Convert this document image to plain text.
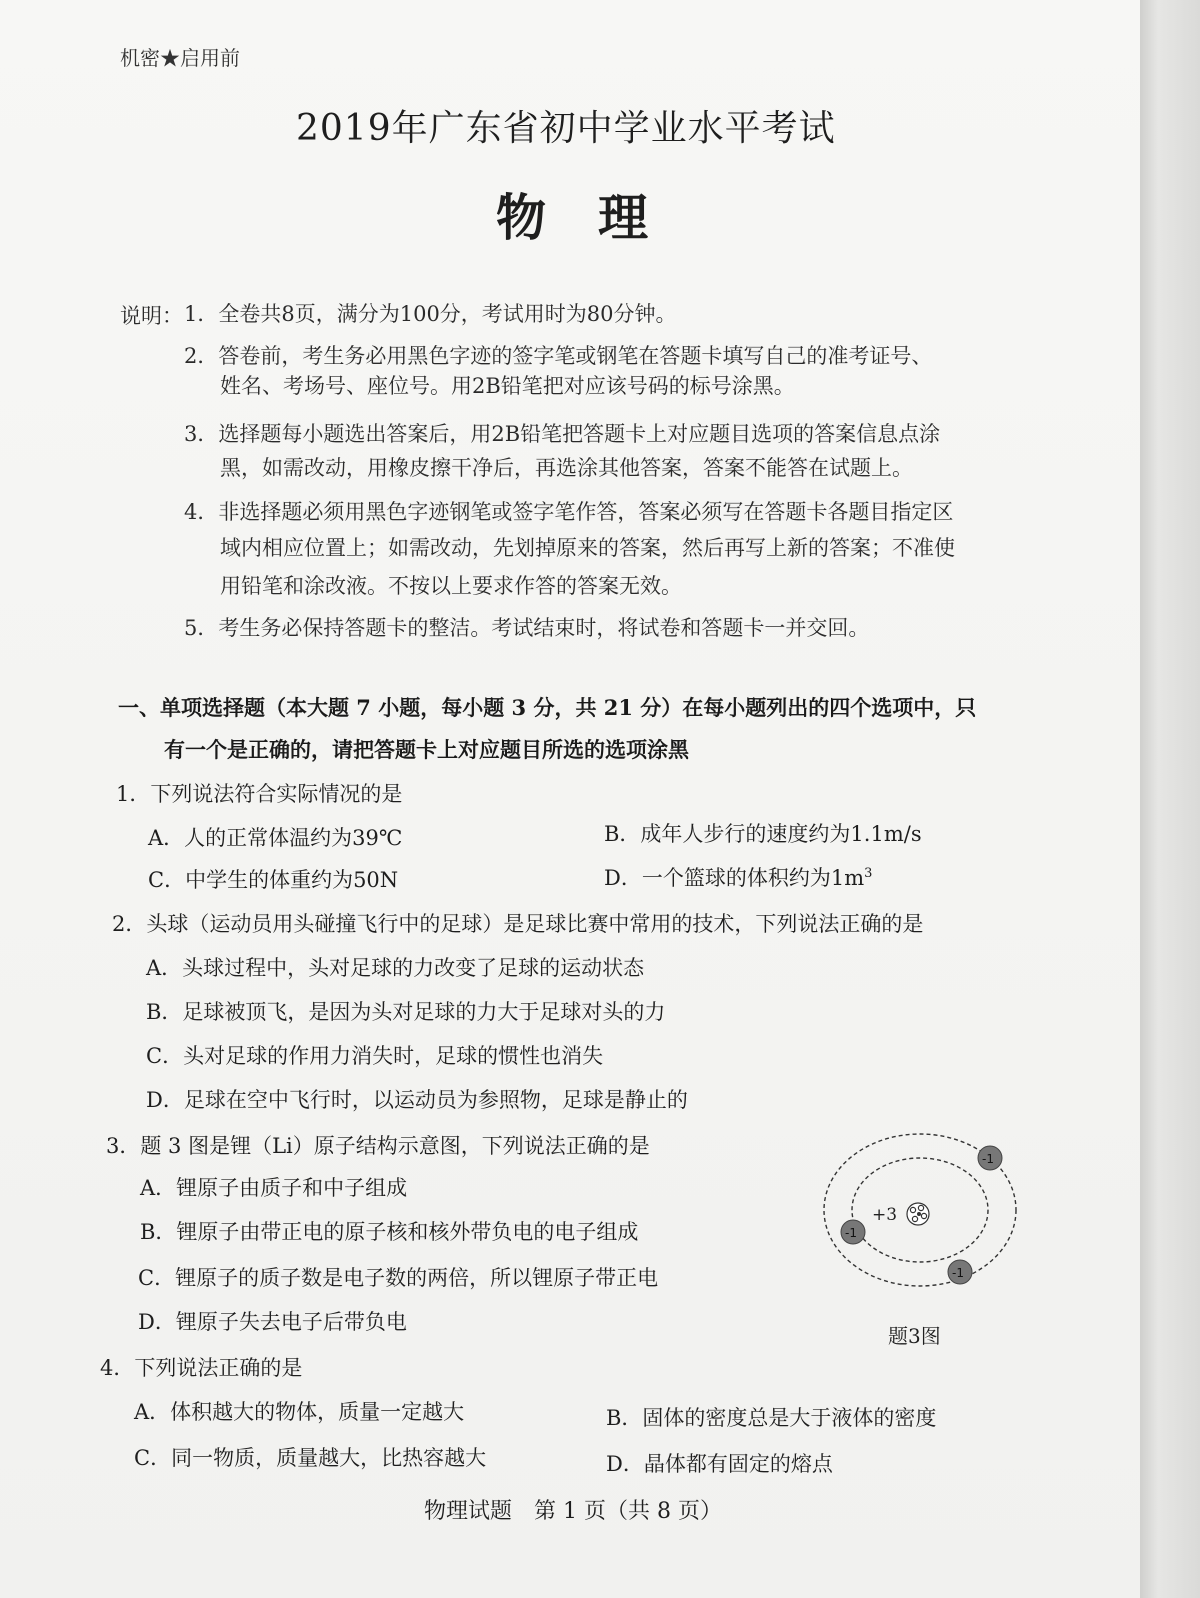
机密★启用前
2019年广东省初中学业水平考试
物理
说明： 1．全卷共8页，满分为100分，考试用时为80分钟。
2．答卷前，考生务必用黑色字迹的签字笔或钢笔在答题卡填写自己的准考证号、
姓名、考场号、座位号。用2B铅笔把对应该号码的标号涂黑。
3．选择题每小题选出答案后，用2B铅笔把答题卡上对应题目选项的答案信息点涂
黑，如需改动，用橡皮擦干净后，再选涂其他答案，答案不能答在试题上。
4．非选择题必须用黑色字迹钢笔或签字笔作答，答案必须写在答题卡各题目指定区
域内相应位置上；如需改动，先划掉原来的答案，然后再写上新的答案；不准使
用铅笔和涂改液。不按以上要求作答的答案无效。
5．考生务必保持答题卡的整洁。考试结束时，将试卷和答题卡一并交回。
一、单项选择题（本大题 7 小题，每小题 3 分，共 21 分）在每小题列出的四个选项中，只
有一个是正确的，请把答题卡上对应题目所选的选项涂黑
1．下列说法符合实际情况的是
A．人的正常体温约为39℃	B．成年人步行的速度约为1.1m/s
C．中学生的体重约为50N	D．一个篮球的体积约为$1m^3$
2．头球（运动员用头碰撞飞行中的足球）是足球比赛中常用的技术，下列说法正确的是
A．头球过程中，头对足球的力改变了足球的运动状态
B．足球被顶飞，是因为头对足球的力大于足球对头的力
C．头对足球的作用力消失时，足球的惯性也消失
D．足球在空中飞行时，以运动员为参照物，足球是静止的
3．题 3 图是锂（Li）原子结构示意图，下列说法正确的是
A．锂原子由质子和中子组成
B．锂原子由带正电的原子核和核外带负电的电子组成
C．锂原子的质子数是电子数的两倍，所以锂原子带正电
D．锂原子失去电子后带负电
+3
-1
-1
-1
题3图
4．下列说法正确的是
A．体积越大的物体，质量一定越大	B．固体的密度总是大于液体的密度
C．同一物质，质量越大，比热容越大	D．晶体都有固定的熔点
物理试题　第 1 页（共 8 页）
